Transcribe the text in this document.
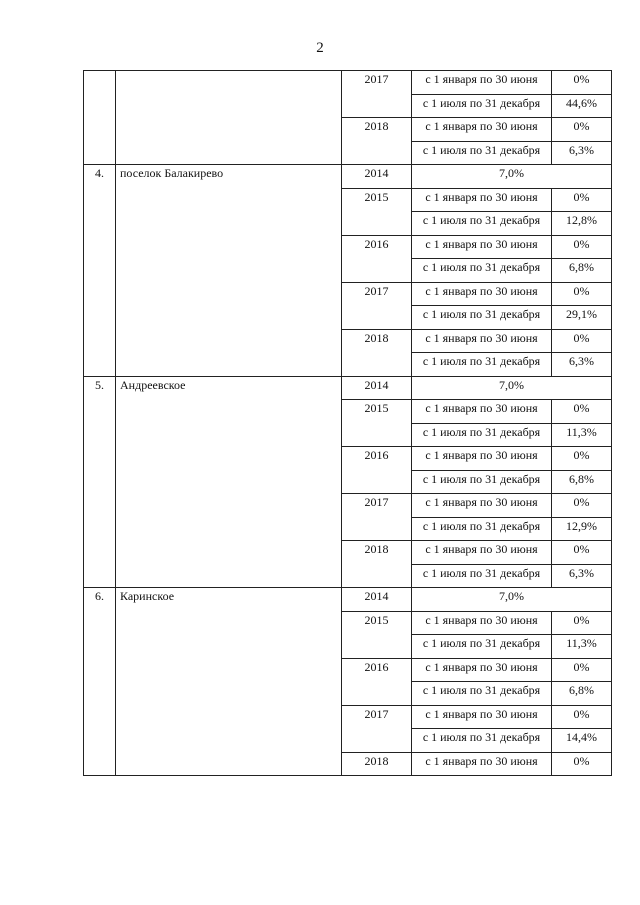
2
		2017	с 1 января по 30 июня	0%
			с 1 июля по 31 декабря	44,6%
		2018	с 1 января по 30 июня	0%
			с 1 июля по 31 декабря	6,3%
4.	поселок Балакирево	2014	7,0%	
		2015	с 1 января по 30 июня	0%
			с 1 июля по 31 декабря	12,8%
		2016	с 1 января по 30 июня	0%
			с 1 июля по 31 декабря	6,8%
		2017	с 1 января по 30 июня	0%
			с 1 июля по 31 декабря	29,1%
		2018	с 1 января по 30 июня	0%
			с 1 июля по 31 декабря	6,3%
5.	Андреевское	2014	7,0%	
		2015	с 1 января по 30 июня	0%
			с 1 июля по 31 декабря	11,3%
		2016	с 1 января по 30 июня	0%
			с 1 июля по 31 декабря	6,8%
		2017	с 1 января по 30 июня	0%
			с 1 июля по 31 декабря	12,9%
		2018	с 1 января по 30 июня	0%
			с 1 июля по 31 декабря	6,3%
6.	Каринское	2014	7,0%	
		2015	с 1 января по 30 июня	0%
			с 1 июля по 31 декабря	11,3%
		2016	с 1 января по 30 июня	0%
			с 1 июля по 31 декабря	6,8%
		2017	с 1 января по 30 июня	0%
			с 1 июля по 31 декабря	14,4%
		2018	с 1 января по 30 июня	0%
